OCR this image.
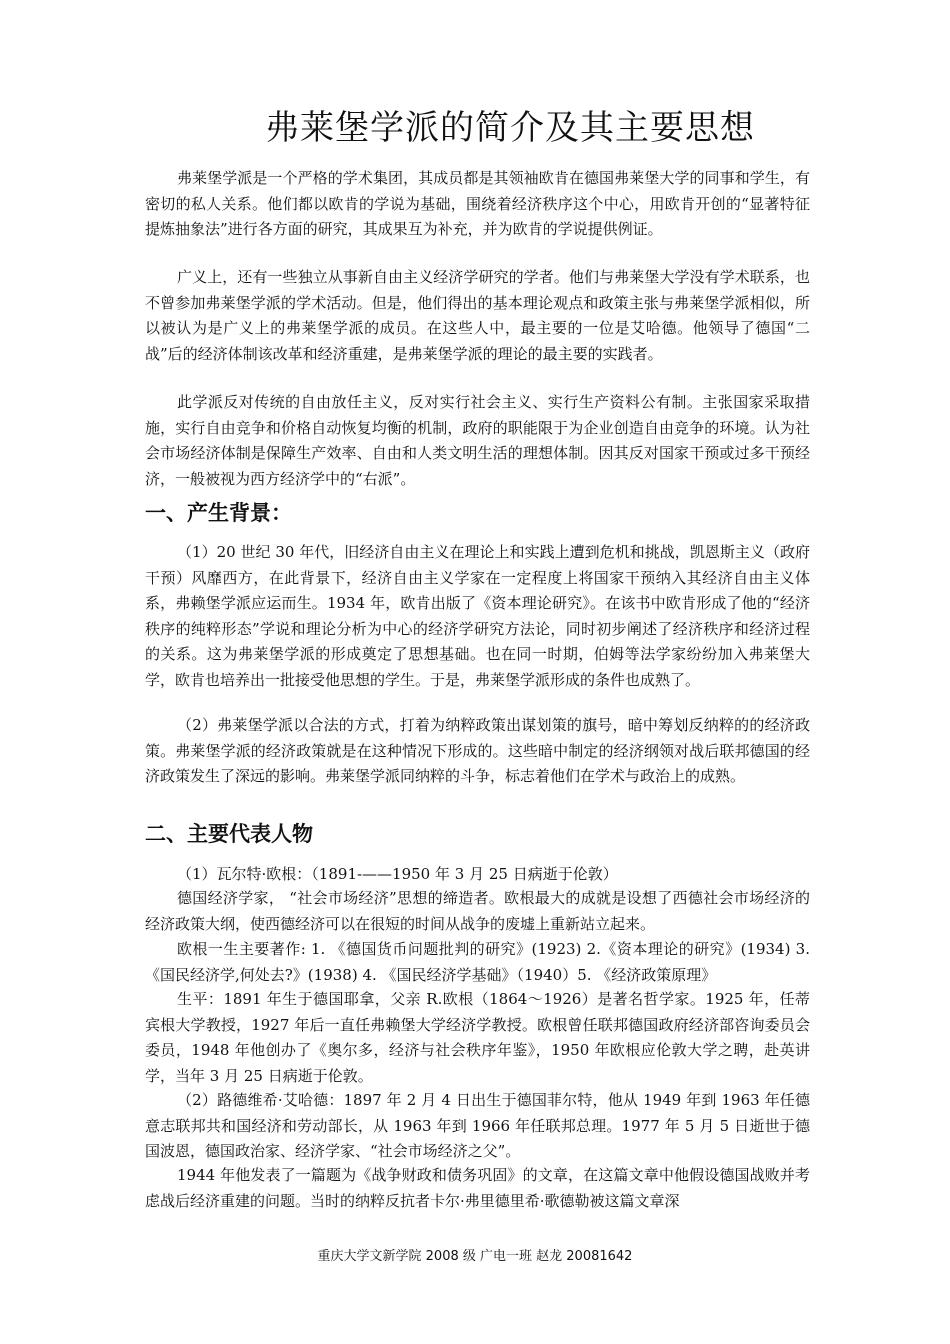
弗莱堡学派的简介及其主要思想

弗莱堡学派是一个严格的学术集团，其成员都是其领袖欧肯在德国弗莱堡大学的同事和学生，有密切的私人关系。他们都以欧肯的学说为基础，围绕着经济秩序这个中心，用欧肯开创的“显著特征提炼抽象法”进行各方面的研究，其成果互为补充，并为欧肯的学说提供例证。

广义上，还有一些独立从事新自由主义经济学研究的学者。他们与弗莱堡大学没有学术联系，也不曾参加弗莱堡学派的学术活动。但是，他们得出的基本理论观点和政策主张与弗莱堡学派相似，所以被认为是广义上的弗莱堡学派的成员。在这些人中，最主要的一位是艾哈德。他领导了德国“二战”后的经济体制该改革和经济重建，是弗莱堡学派的理论的最主要的实践者。

此学派反对传统的自由放任主义，反对实行社会主义、实行生产资料公有制。主张国家采取措施，实行自由竞争和价格自动恢复均衡的机制，政府的职能限于为企业创造自由竞争的环境。认为社会市场经济体制是保障生产效率、自由和人类文明生活的理想体制。因其反对国家干预或过多干预经济，一般被视为西方经济学中的“右派”。

一、产生背景：

（1）20 世纪 30 年代，旧经济自由主义在理论上和实践上遭到危机和挑战，凯恩斯主义（政府干预）风靡西方，在此背景下，经济自由主义学家在一定程度上将国家干预纳入其经济自由主义体系，弗赖堡学派应运而生。1934 年，欧肯出版了《资本理论研究》。在该书中欧肯形成了他的“经济秩序的纯粹形态”学说和理论分析为中心的经济学研究方法论，同时初步阐述了经济秩序和经济过程的关系。这为弗莱堡学派的形成奠定了思想基础。也在同一时期，伯姆等法学家纷纷加入弗莱堡大学，欧肯也培养出一批接受他思想的学生。于是，弗莱堡学派形成的条件也成熟了。

（2）弗莱堡学派以合法的方式，打着为纳粹政策出谋划策的旗号，暗中筹划反纳粹的的经济政策。弗莱堡学派的经济政策就是在这种情况下形成的。这些暗中制定的经济纲领对战后联邦德国的经济政策发生了深远的影响。弗莱堡学派同纳粹的斗争，标志着他们在学术与政治上的成熟。

二、主要代表人物

（1）瓦尔特·欧根：（1891-——1950 年 3 月 25 日病逝于伦敦）

德国经济学家， “社会市场经济”思想的缔造者。欧根最大的成就是设想了西德社会市场经济的经济政策大纲，使西德经济可以在很短的时间从战争的废墟上重新站立起来。

欧根一生主要著作: 1. 《德国货币问题批判的研究》(1923) 2.《资本理论的研究》(1934) 3. 《国民经济学,何处去?》(1938) 4. 《国民经济学基础》（1940）5. 《经济政策原理》

生平：1891 年生于德国耶拿，父亲 R.欧根（1864～1926）是著名哲学家。1925 年，任蒂宾根大学教授，1927 年后一直任弗赖堡大学经济学教授。欧根曾任联邦德国政府经济部咨询委员会委员，1948 年他创办了《奥尔多，经济与社会秩序年鉴》，1950 年欧根应伦敦大学之聘，赴英讲学，当年 3 月 25 日病逝于伦敦。

（2）路德维希·艾哈德：1897 年 2 月 4 日出生于德国菲尔特，他从 1949 年到 1963 年任德意志联邦共和国经济和劳动部长，从 1963 年到 1966 年任联邦总理。1977 年 5 月 5 日逝世于德国波恩，德国政治家、经济学家、“社会市场经济之父”。

1944 年他发表了一篇题为《战争财政和债务巩固》的文章，在这篇文章中他假设德国战败并考虑战后经济重建的问题。当时的纳粹反抗者卡尔·弗里德里希·歌德勒被这篇文章深

重庆大学文新学院 2008 级 广电一班 赵龙 20081642
